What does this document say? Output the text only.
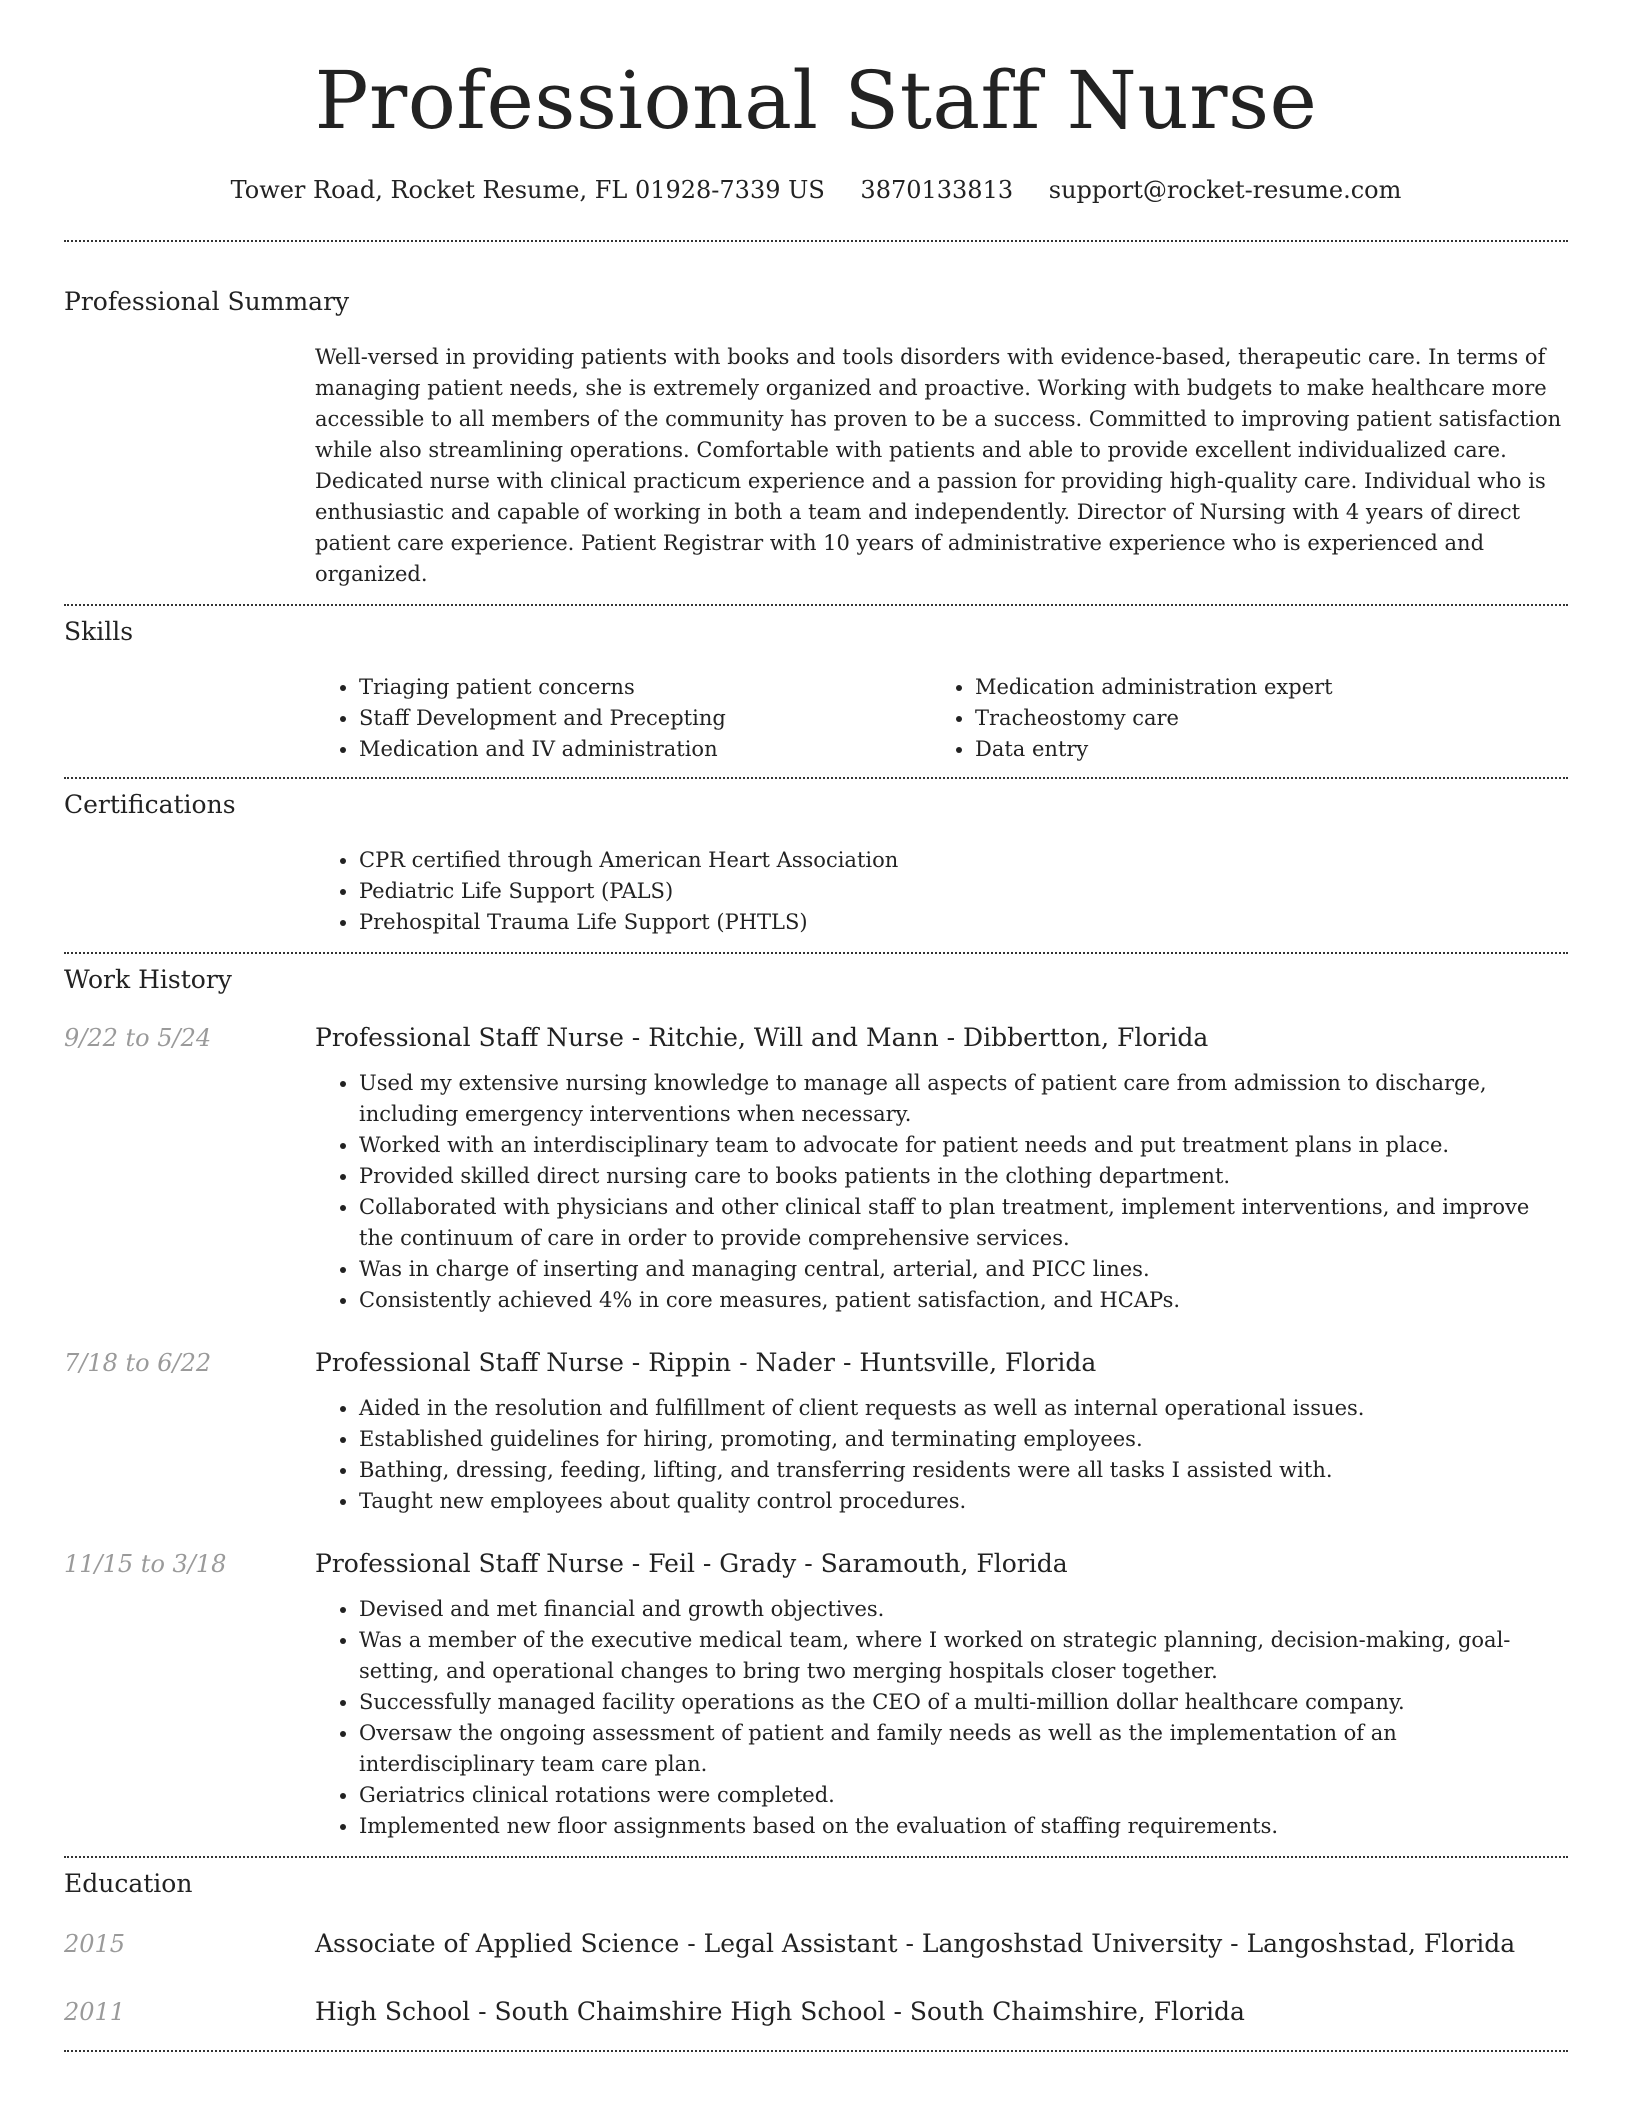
Professional Staff Nurse
Tower Road, Rocket Resume, FL 01928-7339 US 3870133813 support@rocket-resume.com
Professional Summary
Well-versed in providing patients with books and tools disorders with evidence-based, therapeutic care. In terms of managing patient needs, she is extremely organized and proactive. Working with budgets to make healthcare more accessible to all members of the community has proven to be a success. Committed to improving patient satisfaction while also streamlining operations. Comfortable with patients and able to provide excellent individualized care. Dedicated nurse with clinical practicum experience and a passion for providing high-quality care. Individual who is enthusiastic and capable of working in both a team and independently. Director of Nursing with 4 years of direct patient care experience. Patient Registrar with 10 years of administrative experience who is experienced and organized.
Skills
• Triaging patient concerns
• Staff Development and Precepting
• Medication and IV administration
• Medication administration expert
• Tracheostomy care
• Data entry
Certifications
• CPR certified through American Heart Association
• Pediatric Life Support (PALS)
• Prehospital Trauma Life Support (PHTLS)
Work History
9/22 to 5/24	Professional Staff Nurse - Ritchie, Will and Mann - Dibbertton, Florida
• Used my extensive nursing knowledge to manage all aspects of patient care from admission to discharge, including emergency interventions when necessary.
• Worked with an interdisciplinary team to advocate for patient needs and put treatment plans in place.
• Provided skilled direct nursing care to books patients in the clothing department.
• Collaborated with physicians and other clinical staff to plan treatment, implement interventions, and improve the continuum of care in order to provide comprehensive services.
• Was in charge of inserting and managing central, arterial, and PICC lines.
• Consistently achieved 4% in core measures, patient satisfaction, and HCAPs.
7/18 to 6/22	Professional Staff Nurse - Rippin - Nader - Huntsville, Florida
• Aided in the resolution and fulfillment of client requests as well as internal operational issues.
• Established guidelines for hiring, promoting, and terminating employees.
• Bathing, dressing, feeding, lifting, and transferring residents were all tasks I assisted with.
• Taught new employees about quality control procedures.
11/15 to 3/18	Professional Staff Nurse - Feil - Grady - Saramouth, Florida
• Devised and met financial and growth objectives.
• Was a member of the executive medical team, where I worked on strategic planning, decision-making, goal-setting, and operational changes to bring two merging hospitals closer together.
• Successfully managed facility operations as the CEO of a multi-million dollar healthcare company.
• Oversaw the ongoing assessment of patient and family needs as well as the implementation of an interdisciplinary team care plan.
• Geriatrics clinical rotations were completed.
• Implemented new floor assignments based on the evaluation of staffing requirements.
Education
2015	Associate of Applied Science - Legal Assistant - Langoshstad University - Langoshstad, Florida
2011	High School - South Chaimshire High School - South Chaimshire, Florida
